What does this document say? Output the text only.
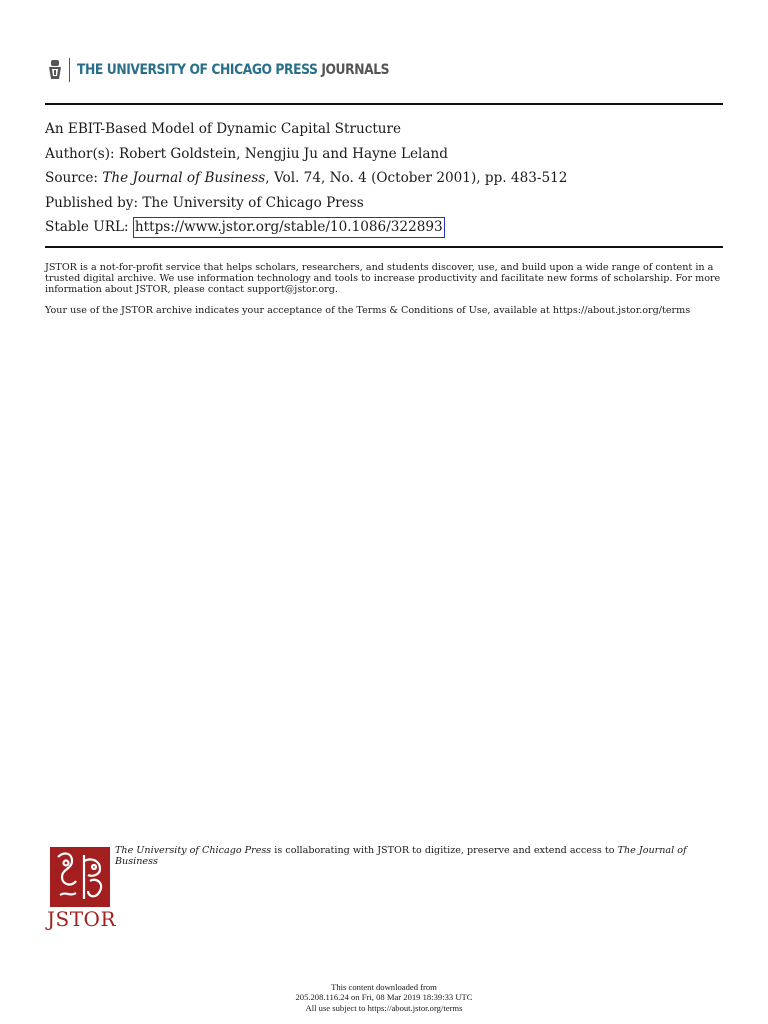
THE UNIVERSITY OF CHICAGO PRESS JOURNALS
An EBIT-Based Model of Dynamic Capital Structure
Author(s): Robert Goldstein, Nengjiu Ju and Hayne Leland
Source: The Journal of Business, Vol. 74, No. 4 (October 2001), pp. 483-512
Published by: The University of Chicago Press
Stable URL: https://www.jstor.org/stable/10.1086/322893

JSTOR is a not-for-profit service that helps scholars, researchers, and students discover, use, and build upon a wide range of content in a trusted digital archive. We use information technology and tools to increase productivity and facilitate new forms of scholarship. For more information about JSTOR, please contact support@jstor.org.

Your use of the JSTOR archive indicates your acceptance of the Terms & Conditions of Use, available at https://about.jstor.org/terms

JSTOR
The University of Chicago Press is collaborating with JSTOR to digitize, preserve and extend access to The Journal of Business
This content downloaded from
205.208.116.24 on Fri, 08 Mar 2019 18:39:33 UTC
All use subject to https://about.jstor.org/terms
